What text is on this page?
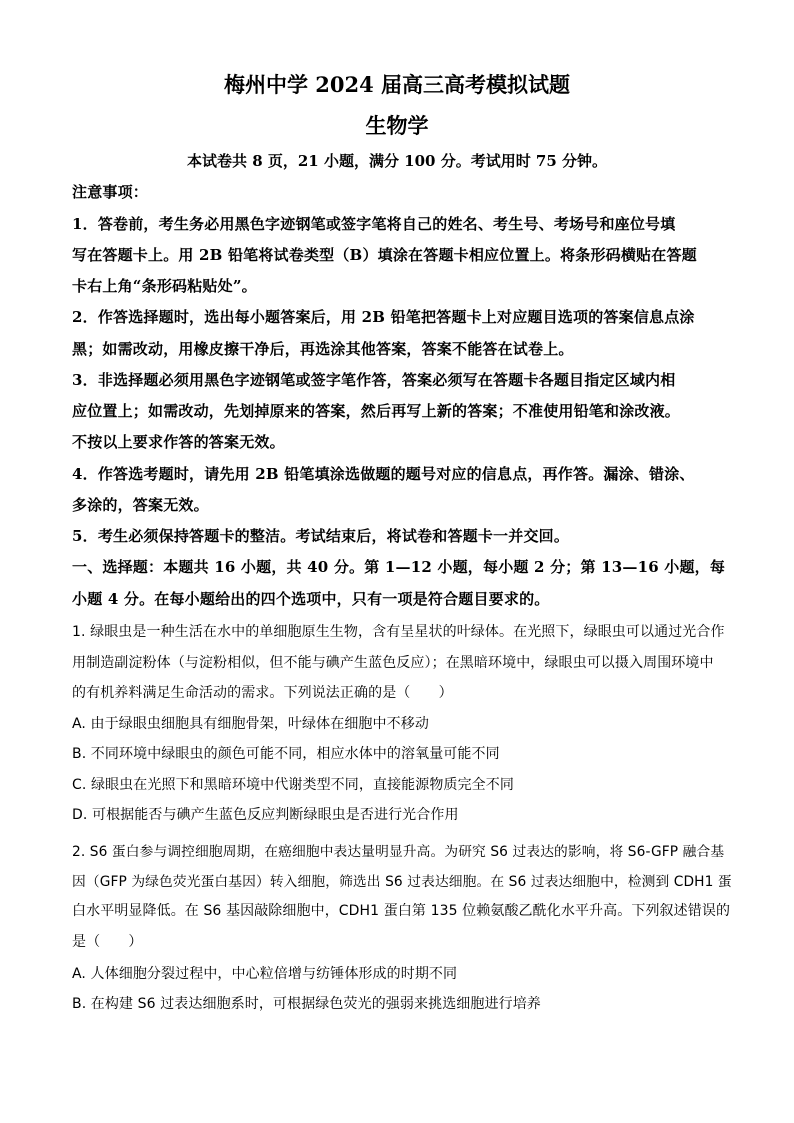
梅州中学 2024 届高三高考模拟试题
生物学
本试卷共 8 页，21 小题，满分 100 分。考试用时 75 分钟。
注意事项：
1．答卷前，考生务必用黑色字迹钢笔或签字笔将自己的姓名、考生号、考场号和座位号填
写在答题卡上。用 2B 铅笔将试卷类型（B）填涂在答题卡相应位置上。将条形码横贴在答题
卡右上角“条形码粘贴处”。
2．作答选择题时，选出每小题答案后，用 2B 铅笔把答题卡上对应题目选项的答案信息点涂
黑；如需改动，用橡皮擦干净后，再选涂其他答案，答案不能答在试卷上。
3．非选择题必须用黑色字迹钢笔或签字笔作答，答案必须写在答题卡各题目指定区域内相
应位置上；如需改动，先划掉原来的答案，然后再写上新的答案；不准使用铅笔和涂改液。
不按以上要求作答的答案无效。
4．作答选考题时，请先用 2B 铅笔填涂选做题的题号对应的信息点，再作答。漏涂、错涂、
多涂的，答案无效。
5．考生必须保持答题卡的整洁。考试结束后，将试卷和答题卡一并交回。
一、选择题：本题共 16 小题，共 40 分。第 1—12 小题，每小题 2 分；第 13—16 小题，每
小题 4 分。在每小题给出的四个选项中，只有一项是符合题目要求的。
1. 绿眼虫是一种生活在水中的单细胞原生生物，含有呈星状的叶绿体。在光照下，绿眼虫可以通过光合作
用制造副淀粉体（与淀粉相似，但不能与碘产生蓝色反应）；在黑暗环境中，绿眼虫可以摄入周围环境中
的有机养料满足生命活动的需求。下列说法正确的是（　　）
A. 由于绿眼虫细胞具有细胞骨架，叶绿体在细胞中不移动
B. 不同环境中绿眼虫的颜色可能不同，相应水体中的溶氧量可能不同
C. 绿眼虫在光照下和黑暗环境中代谢类型不同，直接能源物质完全不同
D. 可根据能否与碘产生蓝色反应判断绿眼虫是否进行光合作用
2. S6 蛋白参与调控细胞周期，在癌细胞中表达量明显升高。为研究 S6 过表达的影响，将 S6-GFP 融合基
因（GFP 为绿色荧光蛋白基因）转入细胞，筛选出 S6 过表达细胞。在 S6 过表达细胞中，检测到 CDH1 蛋
白水平明显降低。在 S6 基因敲除细胞中，CDH1 蛋白第 135 位赖氨酸乙酰化水平升高。下列叙述错误的
是（　　）
A. 人体细胞分裂过程中，中心粒倍增与纺锤体形成的时期不同
B. 在构建 S6 过表达细胞系时，可根据绿色荧光的强弱来挑选细胞进行培养
